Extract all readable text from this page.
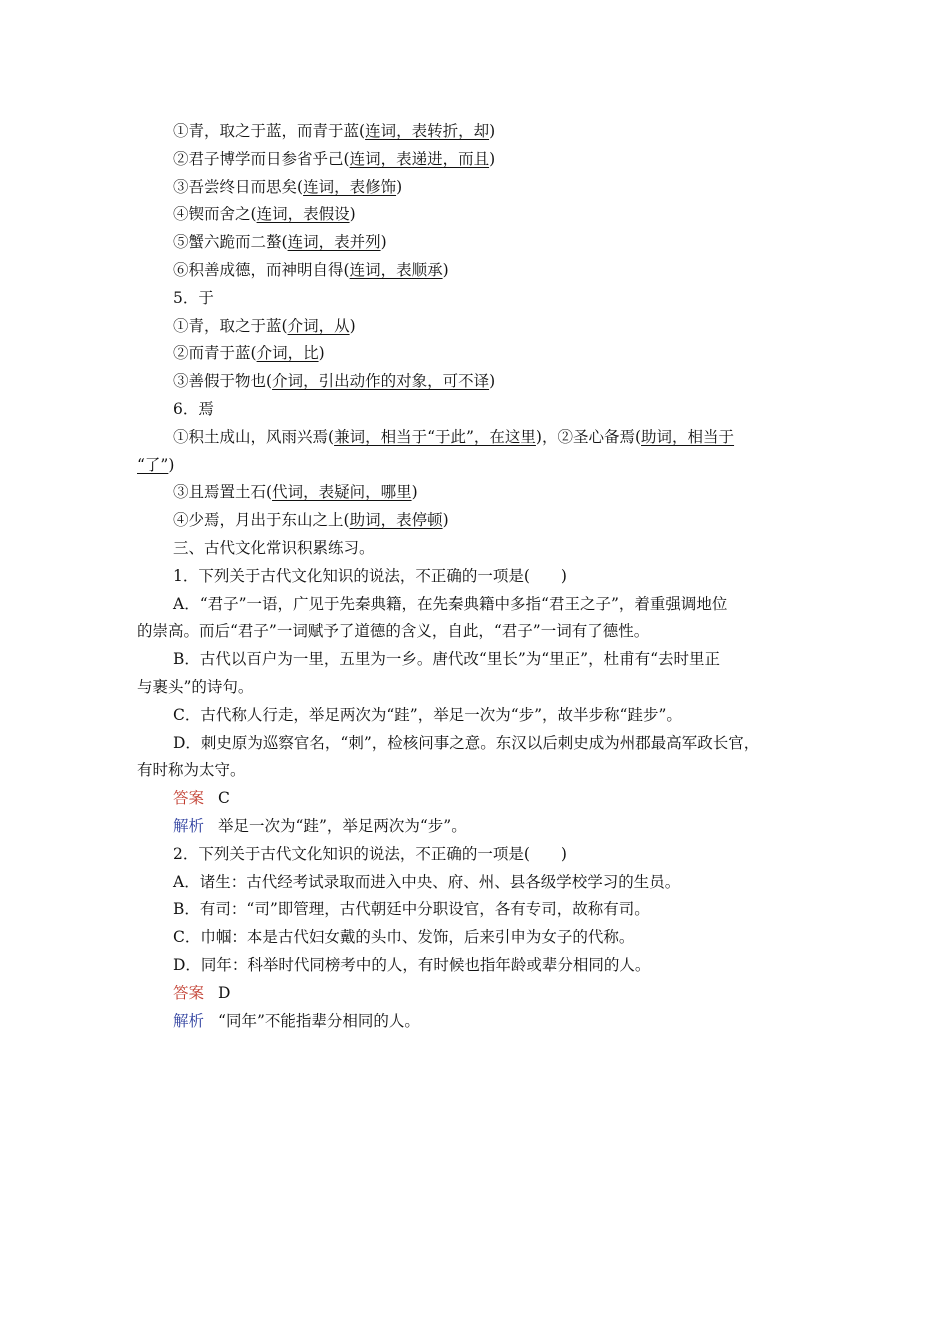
①青，取之于蓝，而青于蓝(连词，表转折，却)
②君子博学而日参省乎己(连词，表递进，而且)
③吾尝终日而思矣(连词，表修饰)
④锲而舍之(连词，表假设)
⑤蟹六跪而二螯(连词，表并列)
⑥积善成德，而神明自得(连词，表顺承)
5．于
①青，取之于蓝(介词，从)
②而青于蓝(介词，比)
③善假于物也(介词，引出动作的对象，可不译)
6．焉
①积土成山，风雨兴焉(兼词，相当于“于此”，在这里)，②圣心备焉(助词，相当于
“了”)
③且焉置土石(代词，表疑问，哪里)
④少焉，月出于东山之上(助词，表停顿)
三、古代文化常识积累练习。
1．下列关于古代文化知识的说法，不正确的一项是(　　)
A．“君子”一语，广见于先秦典籍，在先秦典籍中多指“君王之子”，着重强调地位
的崇高。而后“君子”一词赋予了道德的含义，自此，“君子”一词有了德性。
B．古代以百户为一里，五里为一乡。唐代改“里长”为“里正”，杜甫有“去时里正
与裹头”的诗句。
C．古代称人行走，举足两次为“跬”，举足一次为“步”，故半步称“跬步”。
D．刺史原为巡察官名，“刺”，检核问事之意。东汉以后刺史成为州郡最高军政长官，
有时称为太守。
答案 C
解析 举足一次为“跬”，举足两次为“步”。
2．下列关于古代文化知识的说法，不正确的一项是(　　)
A．诸生：古代经考试录取而进入中央、府、州、县各级学校学习的生员。
B．有司：“司”即管理，古代朝廷中分职设官，各有专司，故称有司。
C．巾帼：本是古代妇女戴的头巾、发饰，后来引申为女子的代称。
D．同年：科举时代同榜考中的人，有时候也指年龄或辈分相同的人。
答案 D
解析 “同年”不能指辈分相同的人。
